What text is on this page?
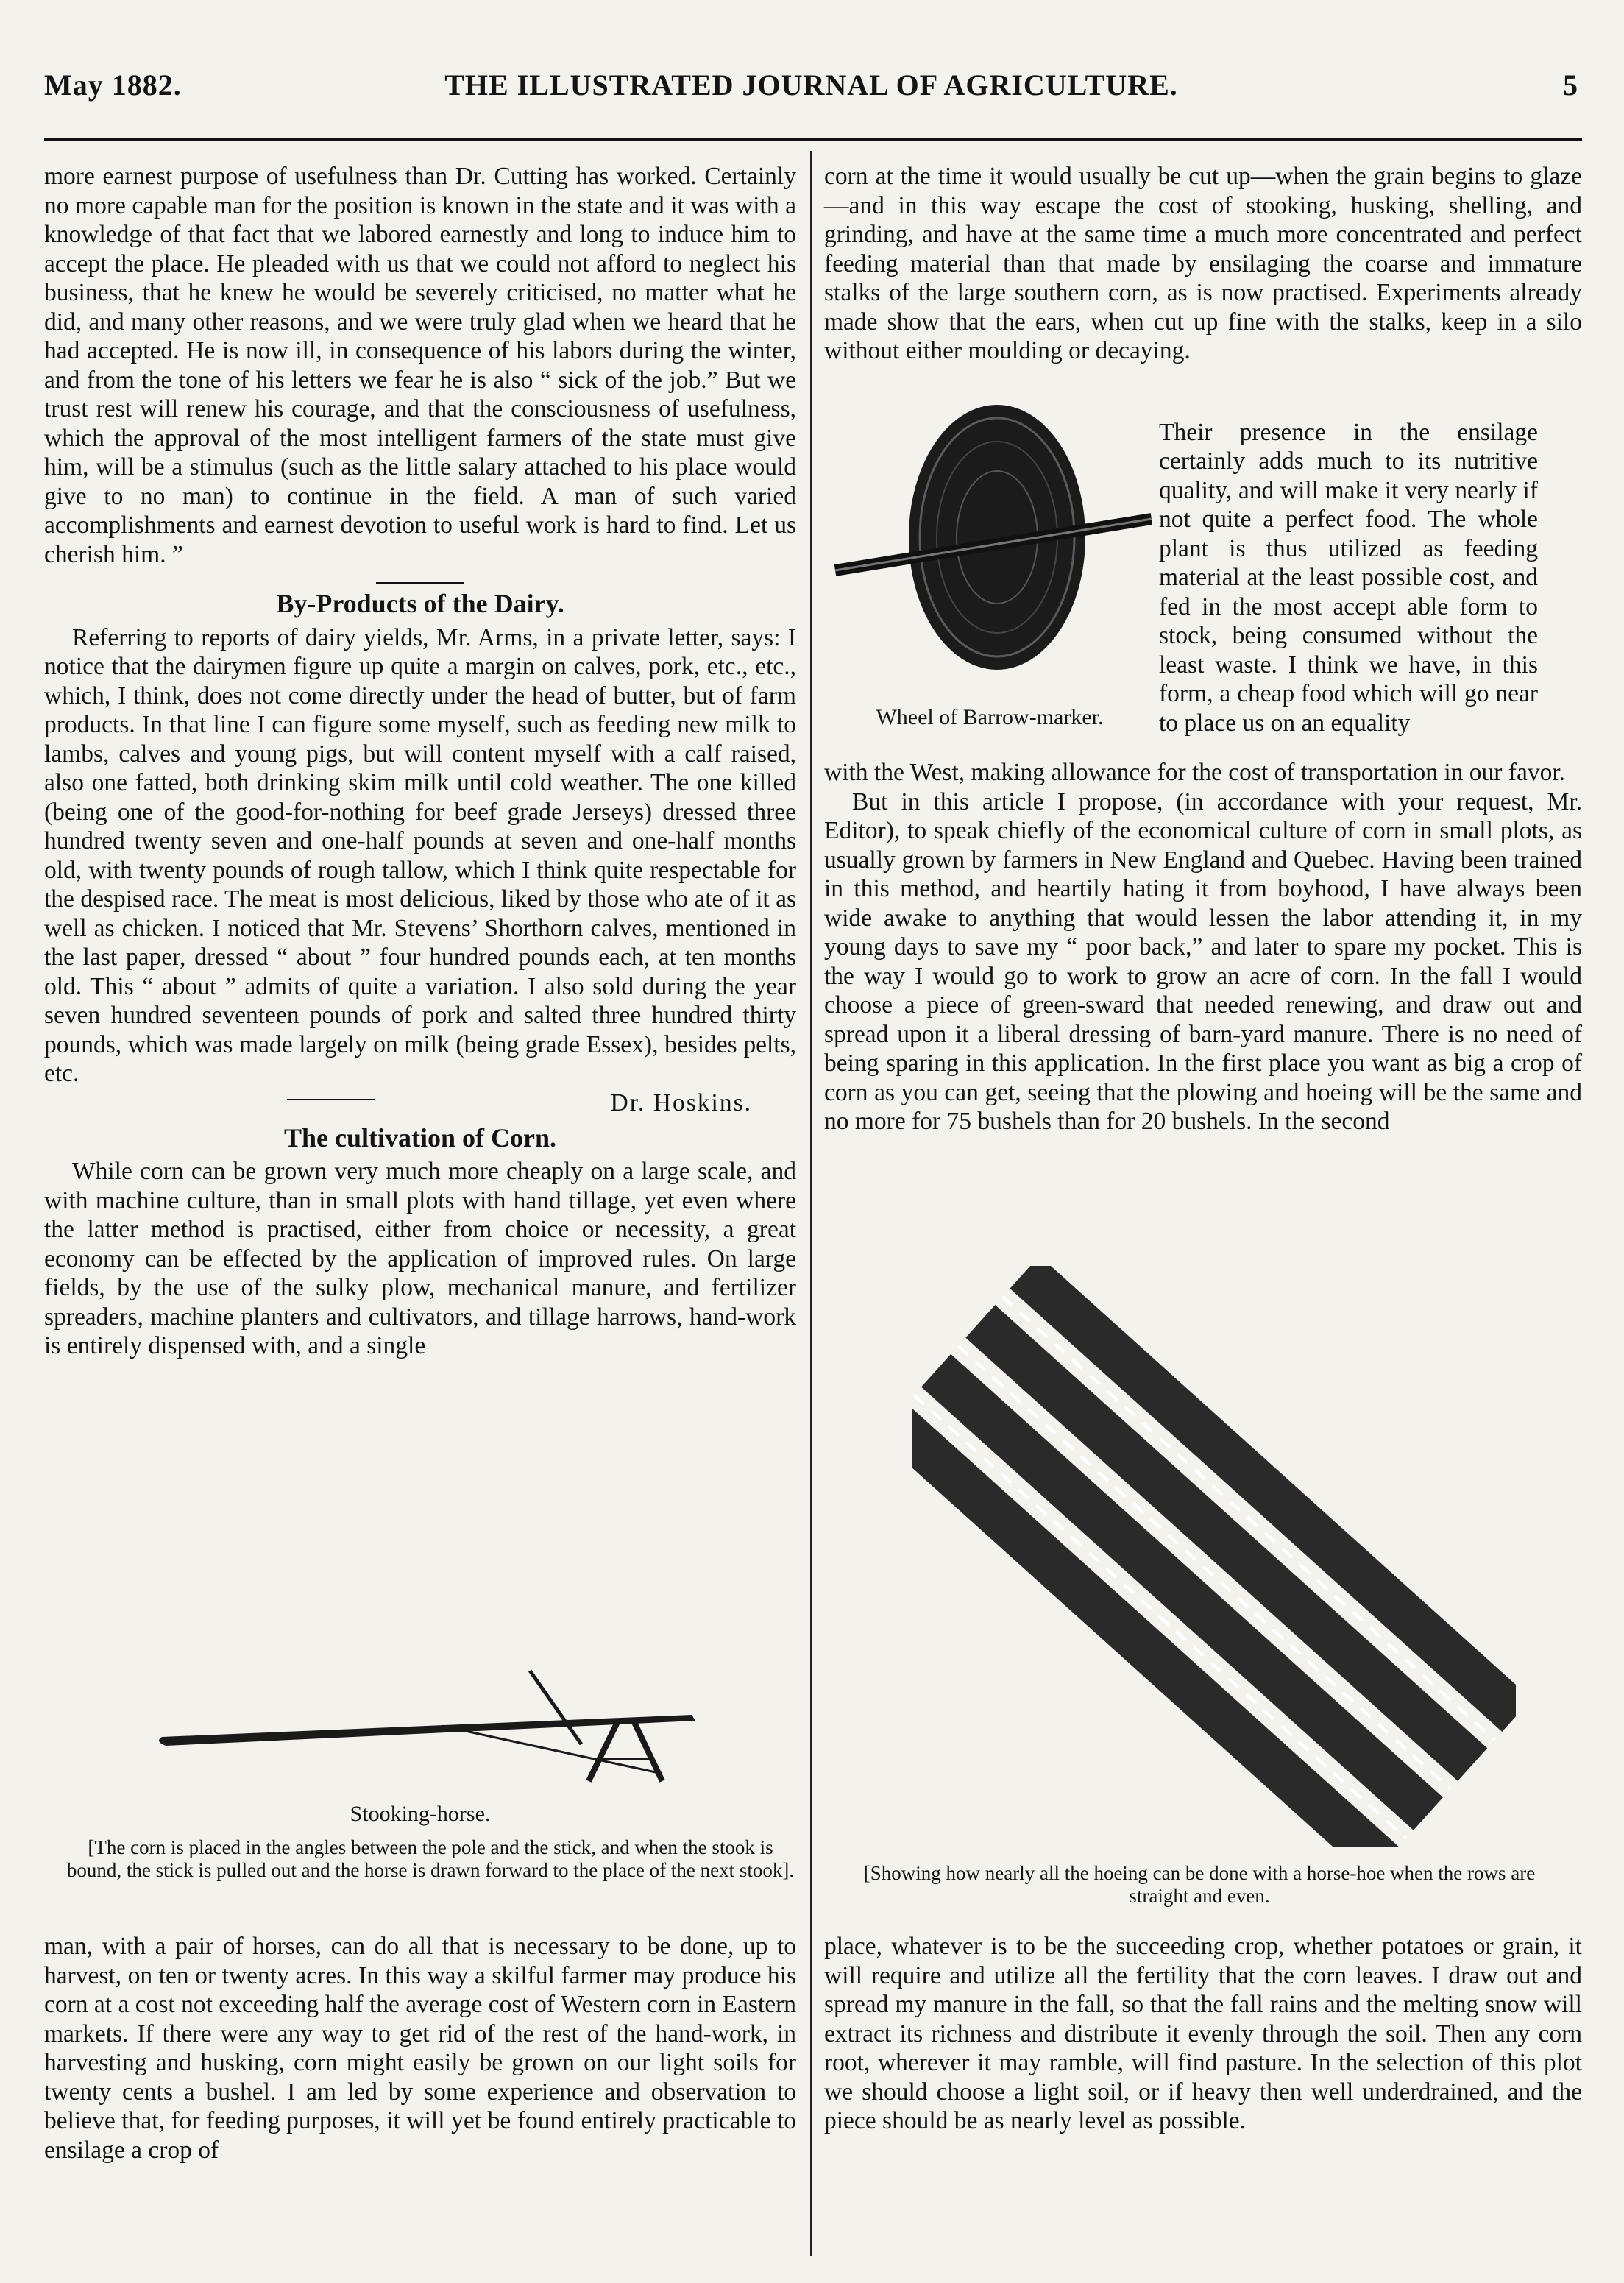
May 1882.	THE ILLUSTRATED JOURNAL OF AGRICULTURE.	5

more earnest purpose of usefulness than Dr. Cutting has worked. Certainly no more capable man for the position is known in the state and it was with a knowledge of that fact that we labored earnestly and long to induce him to accept the place. He pleaded with us that we could not afford to neglect his business, that he knew he would be severely criticised, no matter what he did, and many other reasons, and we were truly glad when we heard that he had accepted. He is now ill, in consequence of his labors during the winter, and from the tone of his letters we fear he is also “ sick of the job.” But we trust rest will renew his courage, and that the consciousness of usefulness, which the approval of the most intelligent farmers of the state must give him, will be a stimulus (such as the little salary attached to his place would give to no man) to continue in the field. A man of such varied accomplishments and earnest devotion to useful work is hard to find. Let us cherish him. ”

By-Products of the Dairy.

Referring to reports of dairy yields, Mr. Arms, in a private letter, says: I notice that the dairymen figure up quite a margin on calves, pork, etc., etc., which, I think, does not come directly under the head of butter, but of farm products. In that line I can figure some myself, such as feeding new milk to lambs, calves and young pigs, but will content myself with a calf raised, also one fatted, both drinking skim milk until cold weather. The one killed (being one of the good-for-nothing for beef grade Jerseys) dressed three hundred twenty seven and one-half pounds at seven and one-half months old, with twenty pounds of rough tallow, which I think quite respectable for the despised race. The meat is most delicious, liked by those who ate of it as well as chicken. I noticed that Mr. Stevens’ Shorthorn calves, mentioned in the last paper, dressed “ about ” four hundred pounds each, at ten months old. This “ about ” admits of quite a variation. I also sold during the year seven hundred seventeen pounds of pork and salted three hundred thirty pounds, which was made largely on milk (being grade Essex), besides pelts, etc.

Dr. Hoskins.
The cultivation of Corn.

While corn can be grown very much more cheaply on a large scale, and with machine culture, than in small plots with hand tillage, yet even where the latter method is practised, either from choice or necessity, a great economy can be effected by the application of improved rules. On large fields, by the use of the sulky plow, mechanical manure, and fertilizer spreaders, machine planters and cultivators, and tillage harrows, hand-work is entirely dispensed with, and a single

Stooking-horse.
[The corn is placed in the angles between the pole and the stick, and when the stook is bound, the stick is pulled out and the horse is drawn forward to the place of the next stook].

man, with a pair of horses, can do all that is necessary to be done, up to harvest, on ten or twenty acres. In this way a skilful farmer may produce his corn at a cost not exceeding half the average cost of Western corn in Eastern markets. If there were any way to get rid of the rest of the hand-work, in harvesting and husking, corn might easily be grown on our light soils for twenty cents a bushel. I am led by some experience and observation to believe that, for feeding purposes, it will yet be found entirely practicable to ensilage a crop of

corn at the time it would usually be cut up—when the grain begins to glaze—and in this way escape the cost of stooking, husking, shelling, and grinding, and have at the same time a much more concentrated and perfect feeding material than that made by ensilaging the coarse and immature stalks of the large southern corn, as is now practised. Experiments already made show that the ears, when cut up fine with the stalks, keep in a silo without either moulding or decaying.

Wheel of Barrow-marker.

Their presence in the ensilage certainly adds much to its nutritive quality, and will make it very nearly if not quite a perfect food. The whole plant is thus utilized as feeding material at the least possible cost, and fed in the most accept able form to stock, being consumed without the least waste. I think we have, in this form, a cheap food which will go near to place us on an equality

with the West, making allowance for the cost of transportation in our favor.

But in this article I propose, (in accordance with your request, Mr. Editor), to speak chiefly of the economical culture of corn in small plots, as usually grown by farmers in New England and Quebec. Having been trained in this method, and heartily hating it from boyhood, I have always been wide awake to anything that would lessen the labor attending it, in my young days to save my “ poor back,” and later to spare my pocket. This is the way I would go to work to grow an acre of corn. In the fall I would choose a piece of green-sward that needed renewing, and draw out and spread upon it a liberal dressing of barn-yard manure. There is no need of being sparing in this application. In the first place you want as big a crop of corn as you can get, seeing that the plowing and hoeing will be the same and no more for 75 bushels than for 20 bushels. In the second

[Showing how nearly all the hoeing can be done with a horse-hoe when the rows are straight and even.

place, whatever is to be the succeeding crop, whether potatoes or grain, it will require and utilize all the fertility that the corn leaves. I draw out and spread my manure in the fall, so that the fall rains and the melting snow will extract its richness and distribute it evenly through the soil. Then any corn root, wherever it may ramble, will find pasture. In the selection of this plot we should choose a light soil, or if heavy then well underdrained, and the piece should be as nearly level as possible.
